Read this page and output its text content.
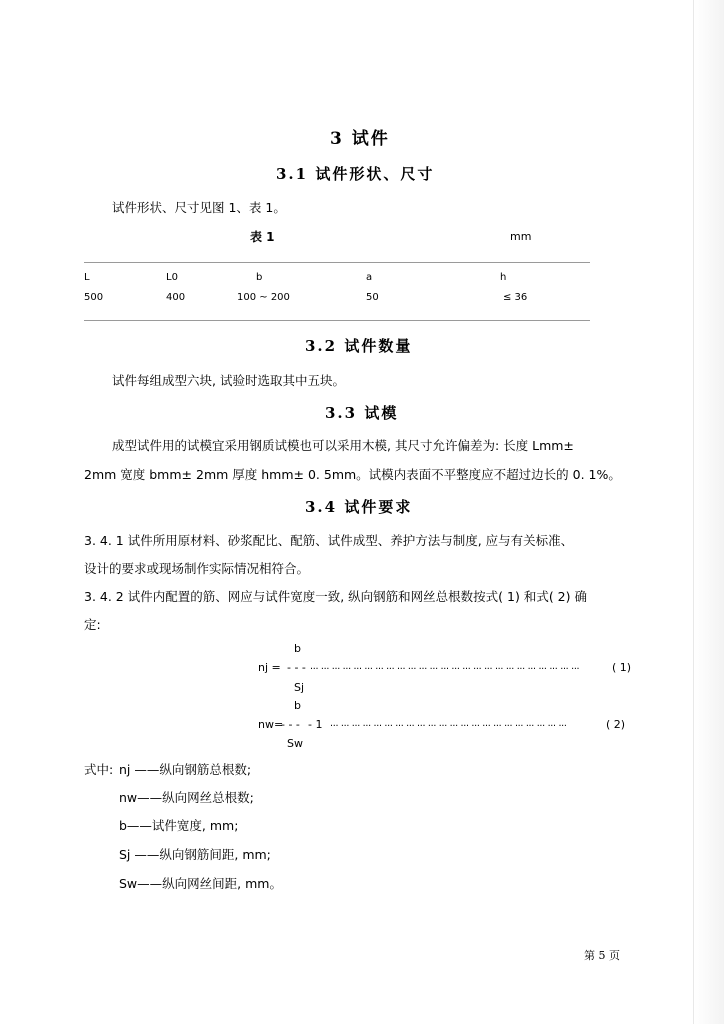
3 试件
3.1 试件形状、尺寸
试件形状、尺寸见图 1、表 1。
表 1	mm
L	L0	b	a	h
500	400	100 ~ 200	50	≤ 36
3.2 试件数量
试件每组成型六块, 试验时选取其中五块。
3.3 试模
成型试件用的试模宜采用钢质试模也可以采用木模, 其尺寸允许偏差为: 长度 Lmm±
2mm 宽度 bmm± 2mm 厚度 hmm± 0. 5mm。试模内表面不平整度应不超过边长的 0. 1%。
3.4 试件要求
3. 4. 1 试件所用原材料、砂浆配比、配筋、试件成型、养护方法与制度, 应与有关标准、
设计的要求或现场制作实际情况相符合。
3. 4. 2 试件内配置的筋、网应与试件宽度一致, 纵向钢筋和网丝总根数按式( 1) 和式( 2) 确
定:
b
nj = - - - ... ... ... ... ... ... ... ... ... ... ... ... ... ... ... ... ... ... ... ... ... ... ... ... ...	( 1)
Sj
b
nw=
- - - - 1 ... ... ... ... ... ... ... ... ... ... ... ... ... ... ... ... ... ... ... ... ... ...	( 2)
Sw
式中: nj ——纵向钢筋总根数;
nw——纵向网丝总根数;
b——试件宽度, mm;
Sj ——纵向钢筋间距, mm;
Sw——纵向网丝间距, mm。
第 5 页
